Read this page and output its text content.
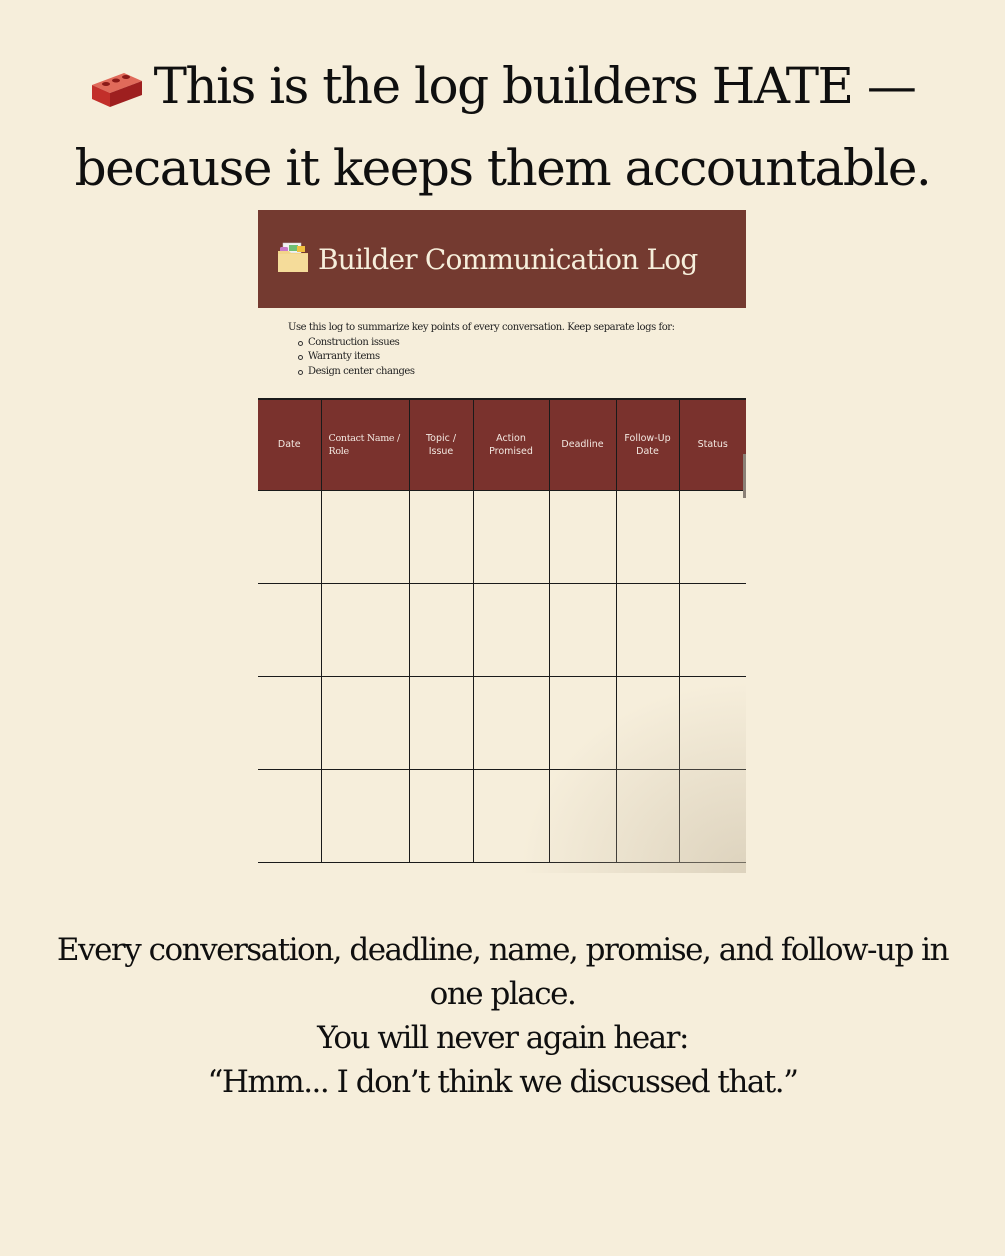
This is the log builders HATE —
because it keeps them accountable.
Builder Communication Log

Use this log to summarize key points of every conversation. Keep separate logs for:

Construction issues
Warranty items
Design center changes
Date	Contact Name / Role	Topic / Issue	Action Promised	Deadline	Follow-Up Date	Status

Every conversation, deadline, name, promise, and follow-up in
one place.
You will never again hear:
“Hmm... I don’t think we discussed that.”
